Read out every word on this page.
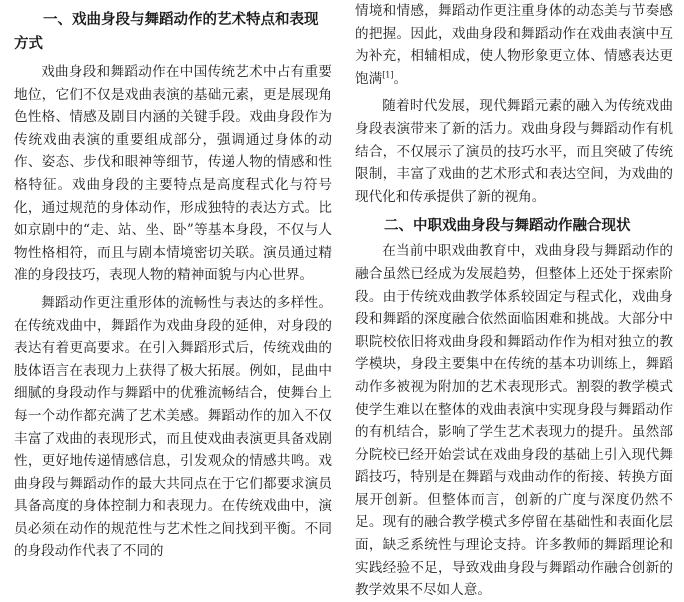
一、戏曲身段与舞蹈动作的艺术特点和表现方式

戏曲身段和舞蹈动作在中国传统艺术中占有重要地位，它们不仅是戏曲表演的基础元素，更是展现角色性格、情感及剧目内涵的关键手段。戏曲身段作为传统戏曲表演的重要组成部分，强调通过身体的动作、姿态、步伐和眼神等细节，传递人物的情感和性格特征。戏曲身段的主要特点是高度程式化与符号化，通过规范的身体动作，形成独特的表达方式。比如京剧中的“走、站、坐、卧”等基本身段，不仅与人物性格相符，而且与剧本情境密切关联。演员通过精准的身段技巧，表现人物的精神面貌与内心世界。

舞蹈动作更注重形体的流畅性与表达的多样性。在传统戏曲中，舞蹈作为戏曲身段的延伸，对身段的表达有着更高要求。在引入舞蹈形式后，传统戏曲的肢体语言在表现力上获得了极大拓展。例如，昆曲中细腻的身段动作与舞蹈中的优雅流畅结合，使舞台上每一个动作都充满了艺术美感。舞蹈动作的加入不仅丰富了戏曲的表现形式，而且使戏曲表演更具备戏剧性，更好地传递情感信息，引发观众的情感共鸣。戏曲身段与舞蹈动作的最大共同点在于它们都要求演员具备高度的身体控制力和表现力。在传统戏曲中，演员必须在动作的规范性与艺术性之间找到平衡。不同的身段动作代表了不同的

情境和情感，舞蹈动作更注重身体的动态美与节奏感的把握。因此，戏曲身段和舞蹈动作在戏曲表演中互为补充，相辅相成，使人物形象更立体、情感表达更饱满[1]。

随着时代发展，现代舞蹈元素的融入为传统戏曲身段表演带来了新的活力。戏曲身段与舞蹈动作有机结合，不仅展示了演员的技巧水平，而且突破了传统限制，丰富了戏曲的艺术形式和表达空间，为戏曲的现代化和传承提供了新的视角。

二、中职戏曲身段与舞蹈动作融合现状

在当前中职戏曲教育中，戏曲身段与舞蹈动作的融合虽然已经成为发展趋势，但整体上还处于探索阶段。由于传统戏曲教学体系较固定与程式化，戏曲身段和舞蹈的深度融合依然面临困难和挑战。大部分中职院校依旧将戏曲身段和舞蹈动作作为相对独立的教学模块，身段主要集中在传统的基本功训练上，舞蹈动作多被视为附加的艺术表现形式。割裂的教学模式使学生难以在整体的戏曲表演中实现身段与舞蹈动作的有机结合，影响了学生艺术表现力的提升。虽然部分院校已经开始尝试在戏曲身段的基础上引入现代舞蹈技巧，特别是在舞蹈与戏曲动作的衔接、转换方面展开创新。但整体而言，创新的广度与深度仍然不足。现有的融合教学模式多停留在基础性和表面化层面，缺乏系统性与理论支持。许多教师的舞蹈理论和实践经验不足，导致戏曲身段与舞蹈动作融合创新的教学效果不尽如人意。
